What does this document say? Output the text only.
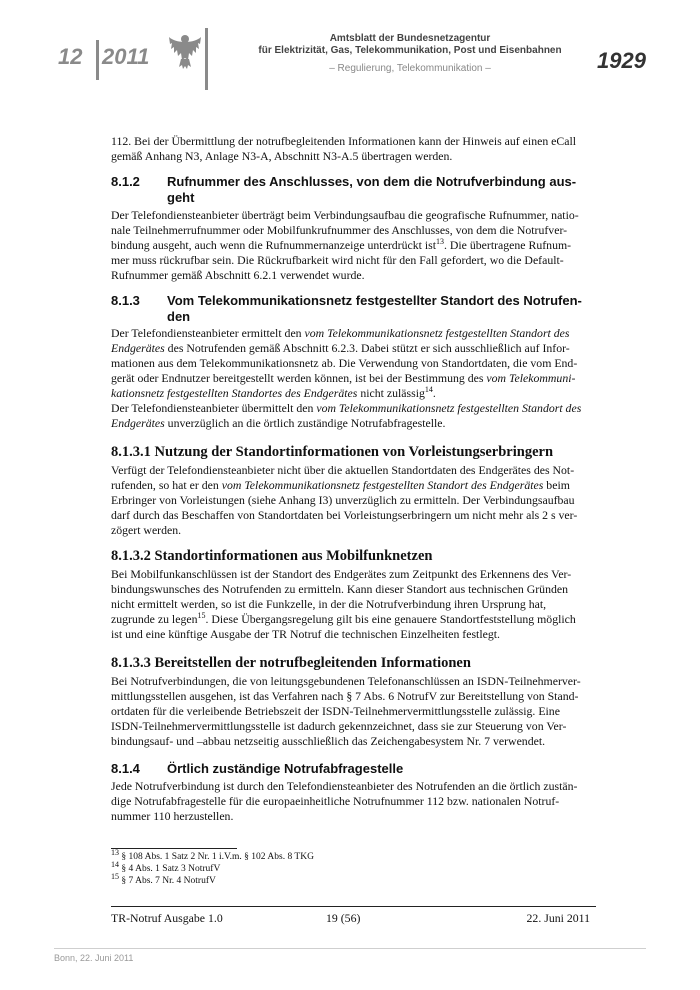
12 2011
Amtsblatt der Bundesnetzagentur
für Elektrizität, Gas, Telekommunikation, Post und Eisenbahnen
– Regulierung, Telekommunikation –	1929

112. Bei der Übermittlung der notrufbegleitenden Informationen kann der Hinweis auf einen eCall
gemäß Anhang N3, Anlage N3-A, Abschnitt N3-A.5 übertragen werden.

8.1.2 Rufnummer des Anschlusses, von dem die Notrufverbindung aus-
geht

Der Telefondiensteanbieter überträgt beim Verbindungsaufbau die geografische Rufnummer, natio-
nale Teilnehmerrufnummer oder Mobilfunkrufnummer des Anschlusses, von dem die Notrufver-
bindung ausgeht, auch wenn die Rufnummernanzeige unterdrückt ist$^{13}$. Die übertragene Rufnum-
mer muss rückrufbar sein. Die Rückrufbarkeit wird nicht für den Fall gefordert, wo die Default-
Rufnummer gemäß Abschnitt 6.2.1 verwendet wurde.

8.1.3 Vom Telekommunikationsnetz festgestellter Standort des Notrufen-
den

Der Telefondiensteanbieter ermittelt den vom Telekommunikationsnetz festgestellten Standort des
Endgerätes des Notrufenden gemäß Abschnitt 6.2.3. Dabei stützt er sich ausschließlich auf Infor-
mationen aus dem Telekommunikationsnetz ab. Die Verwendung von Standortdaten, die vom End-
gerät oder Endnutzer bereitgestellt werden können, ist bei der Bestimmung des vom Telekommuni-
kationsnetz festgestellten Standortes des Endgerätes nicht zulässig$^{14}$.
Der Telefondiensteanbieter übermittelt den vom Telekommunikationsnetz festgestellten Standort des
Endgerätes unverzüglich an die örtlich zuständige Notrufabfragestelle.

8.1.3.1 Nutzung der Standortinformationen von Vorleistungserbringern

Verfügt der Telefondiensteanbieter nicht über die aktuellen Standortdaten des Endgerätes des Not-
rufenden, so hat er den vom Telekommunikationsnetz festgestellten Standort des Endgerätes beim
Erbringer von Vorleistungen (siehe Anhang I3) unverzüglich zu ermitteln. Der Verbindungsaufbau
darf durch das Beschaffen von Standortdaten bei Vorleistungserbringern um nicht mehr als 2 s ver-
zögert werden.

8.1.3.2 Standortinformationen aus Mobilfunknetzen

Bei Mobilfunkanschlüssen ist der Standort des Endgerätes zum Zeitpunkt des Erkennens des Ver-
bindungswunsches des Notrufenden zu ermitteln. Kann dieser Standort aus technischen Gründen
nicht ermittelt werden, so ist die Funkzelle, in der die Notrufverbindung ihren Ursprung hat,
zugrunde zu legen$^{15}$. Diese Übergangsregelung gilt bis eine genauere Standortfeststellung möglich
ist und eine künftige Ausgabe der TR Notruf die technischen Einzelheiten festlegt.

8.1.3.3 Bereitstellen der notrufbegleitenden Informationen

Bei Notrufverbindungen, die von leitungsgebundenen Telefonanschlüssen an ISDN-Teilnehmerver-
mittlungsstellen ausgehen, ist das Verfahren nach § 7 Abs. 6 NotrufV zur Bereitstellung von Stand-
ortdaten für die verleibende Betriebszeit der ISDN-Teilnehmervermittlungsstelle zulässig. Eine
ISDN-Teilnehmervermittlungsstelle ist dadurch gekennzeichnet, dass sie zur Steuerung von Ver-
bindungsauf- und –abbau netzseitig ausschließlich das Zeichengabesystem Nr. 7 verwendet.

8.1.4 Örtlich zuständige Notrufabfragestelle

Jede Notrufverbindung ist durch den Telefondiensteanbieter des Notrufenden an die örtlich zustän-
dige Notrufabfragestelle für die europaeinheitliche Notrufnummer 112 bzw. nationalen Notruf-
nummer 110 herzustellen.

$^{13}$ § 108 Abs. 1 Satz 2 Nr. 1 i.V.m. § 102 Abs. 8 TKG
$^{14}$ § 4 Abs. 1 Satz 3 NotrufV
$^{15}$ § 7 Abs. 7 Nr. 4 NotrufV
TR-Notruf Ausgabe 1.0	19 (56)	22. Juni 2011
Bonn, 22. Juni 2011
